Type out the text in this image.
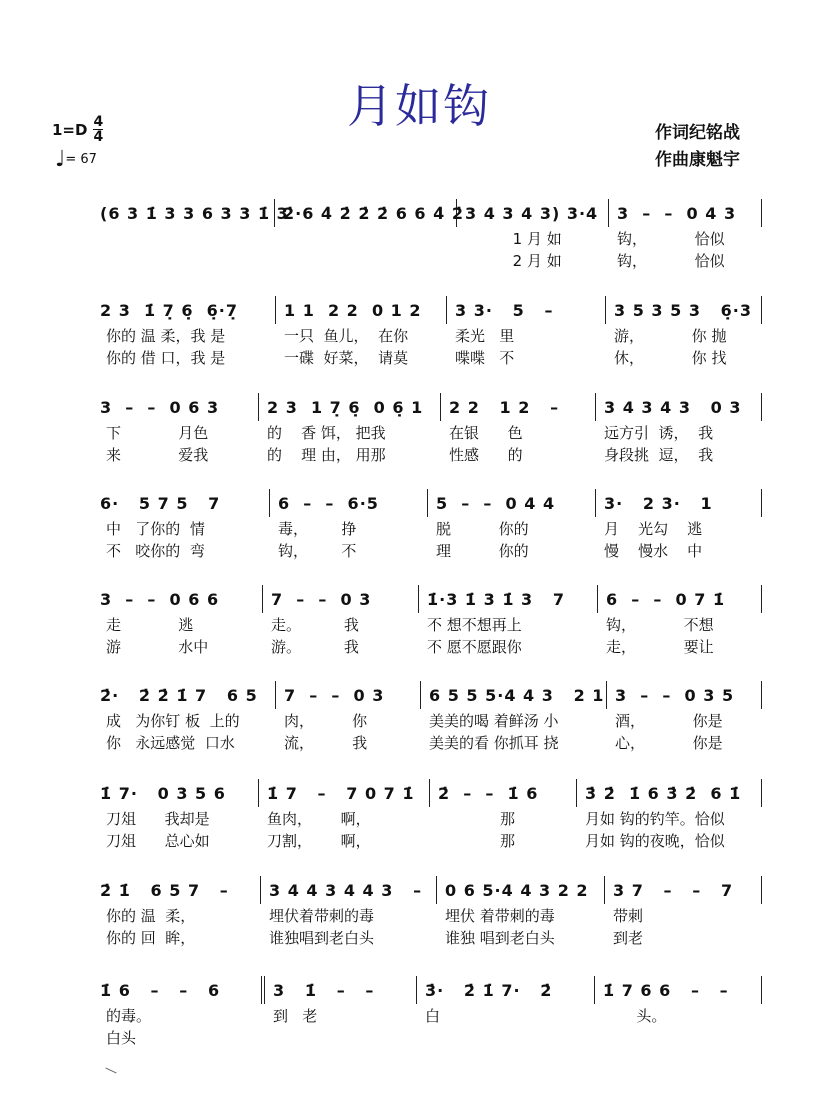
月如钩
1=D 4
4
♩= 67
作词纪铭战
作曲康魁宇
(6 3 1̇ 3 3 6 3 3 1̇ 3
2̇·6 4̇ 2̇ 2̇ 2̇ 6 6 4̇ 2̇ 3 4 3 4 3) 3·4	3  –  –  0 4 3
1 月 如	钩，          恰似
2 月 如	钩，          恰似
2 3  1̇ 7̣ 6̣  6̣·7̣	1 1  2 2  0 1 2	3 3·   5   –	3 5 3 5 3   6̣·3
你的 温 柔，我 是	一只  鱼儿，  在你	柔光   里	游，          你 抛
你的 借 口，我 是	一碟  好菜，  请莫	喋喋   不	休，          你 找
3  –  –  0 6 3	2 3  1 7̣ 6̣  0 6̣ 1	2 2   1 2   –	3 4 3 4 3   0 3
下            月色	的    香 饵， 把我	在银      色	远方引  诱，  我
来            爱我	的    理 由， 用那	性感      的	身段挑  逗，  我
6·   5 7 5   7	6  –  –  6·5	5  –  –  0 4 4	3·   2 3·   1
中   了你的  情	毒，       挣	脱          你的	月    光勾    逃
不   咬你的  弯	钩，       不	理          你的	慢    慢水    中
3  –  –  0 6 6	7  –  –  0 3	1̇·3 1̇ 3 1̇ 3   7	6  –  –  0 7 1̇
走            逃	走。         我	不 想不想再上	钩，          不想
游            水中	游。         我	不 愿不愿跟你	走，          要让
2̇·   2̇ 2̇ 1̇ 7   6 5	7  –  –  0 3	6 5 5 5·4 4 3   2 1 3  –  –  0 3 5
成   为你钉 板  上的	肉，        你	美美的喝 着鲜汤 小	酒，          你是
你   永远感觉  口水	流，        我	美美的看 你抓耳 挠	心，          你是
1̇ 7·   0 3 5 6	1̇ 7   –   7 0 7 1̇	2̇  –  –  1̇ 6	3̇ 2̇  1̇ 6 3̇ 2̇  6 1̇
刀俎      我却是	鱼肉，      啊，	那	月如 钩的钓竿。恰似
刀俎      总心如	刀割，      啊，	那	月如 钩的夜晚，恰似
2̇ 1̇   6 5 7   –	3 4 4 3 4 4 3   –	0 6 5·4 4 3 2 2	3 7   –   –   7
你的 温  柔，	埋伏着带刺的毒	埋伏 着带刺的毒	带刺
你的 回  眸，	谁独唱到老白头	谁独 唱到老白头	到老
1̇ 6   –   –   6	3   1̇   –   –	3̇·   2̇ 1̇ 7·   2̇	1̇ 7 6 6   –   –
的毒。	到   老	白	头。
白头
